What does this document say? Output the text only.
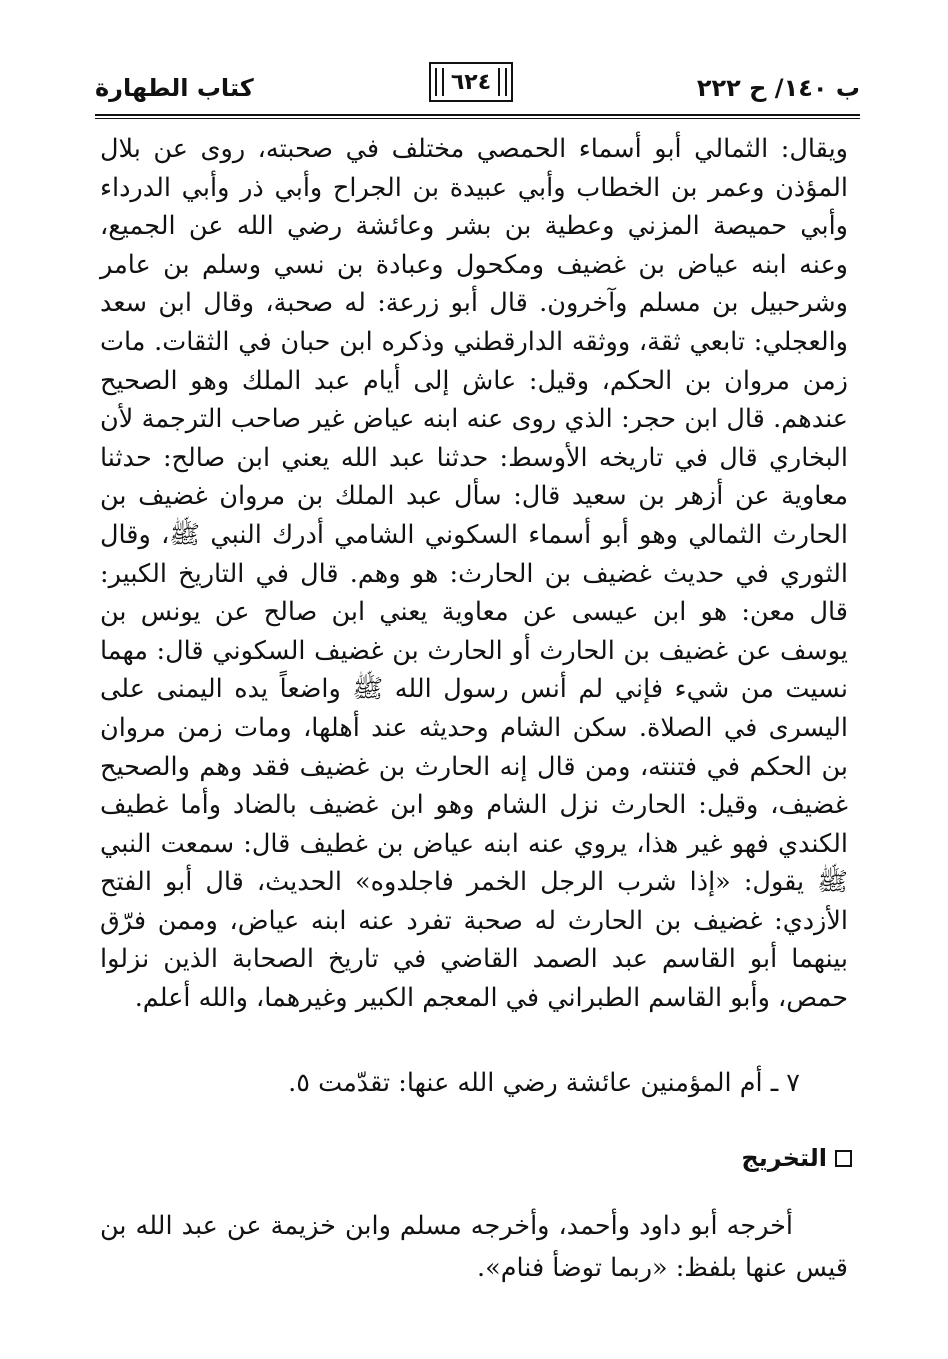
ب ١٤٠/ ح ٢٢٢
٦٢٤
كتاب الطهارة

ويقال: الثمالي أبو أسماء الحمصي مختلف في صحبته، روى عن بلال المؤذن وعمر بن الخطاب وأبي عبيدة بن الجراح وأبي ذر وأبي الدرداء وأبي حميصة المزني وعطية بن بشر وعائشة رضي الله عن الجميع، وعنه ابنه عياض بن غضيف ومكحول وعبادة بن نسي وسلم بن عامر وشرحبيل بن مسلم وآخرون. قال أبو زرعة: له صحبة، وقال ابن سعد والعجلي: تابعي ثقة، ووثقه الدارقطني وذكره ابن حبان في الثقات. مات زمن مروان بن الحكم، وقيل: عاش إلى أيام عبد الملك وهو الصحيح عندهم. قال ابن حجر: الذي روى عنه ابنه عياض غير صاحب الترجمة لأن البخاري قال في تاريخه الأوسط: حدثنا عبد الله يعني ابن صالح: حدثنا معاوية عن أزهر بن سعيد قال: سأل عبد الملك بن مروان غضيف بن الحارث الثمالي وهو أبو أسماء السكوني الشامي أدرك النبي ﷺ، وقال الثوري في حديث غضيف بن الحارث: هو وهم. قال في التاريخ الكبير: قال معن: هو ابن عيسى عن معاوية يعني ابن صالح عن يونس بن يوسف عن غضيف بن الحارث أو الحارث بن غضيف السكوني قال: مهما نسيت من شيء فإني لم أنس رسول الله ﷺ واضعاً يده اليمنى على اليسرى في الصلاة. سكن الشام وحديثه عند أهلها، ومات زمن مروان بن الحكم في فتنته، ومن قال إنه الحارث بن غضيف فقد وهم والصحيح غضيف، وقيل: الحارث نزل الشام وهو ابن غضيف بالضاد وأما غطيف الكندي فهو غير هذا، يروي عنه ابنه عياض بن غطيف قال: سمعت النبي ﷺ يقول: «إذا شرب الرجل الخمر فاجلدوه» الحديث، قال أبو الفتح الأزدي: غضيف بن الحارث له صحبة تفرد عنه ابنه عياض، وممن فرّق بينهما أبو القاسم عبد الصمد القاضي في تاريخ الصحابة الذين نزلوا حمص، وأبو القاسم الطبراني في المعجم الكبير وغيرهما، والله أعلم.

٧ ـ أم المؤمنين عائشة رضي الله عنها: تقدّمت ٥.
التخريج

أخرجه أبو داود وأحمد، وأخرجه مسلم وابن خزيمة عن عبد الله بن قيس عنها بلفظ: «ربما توضأ فنام».
